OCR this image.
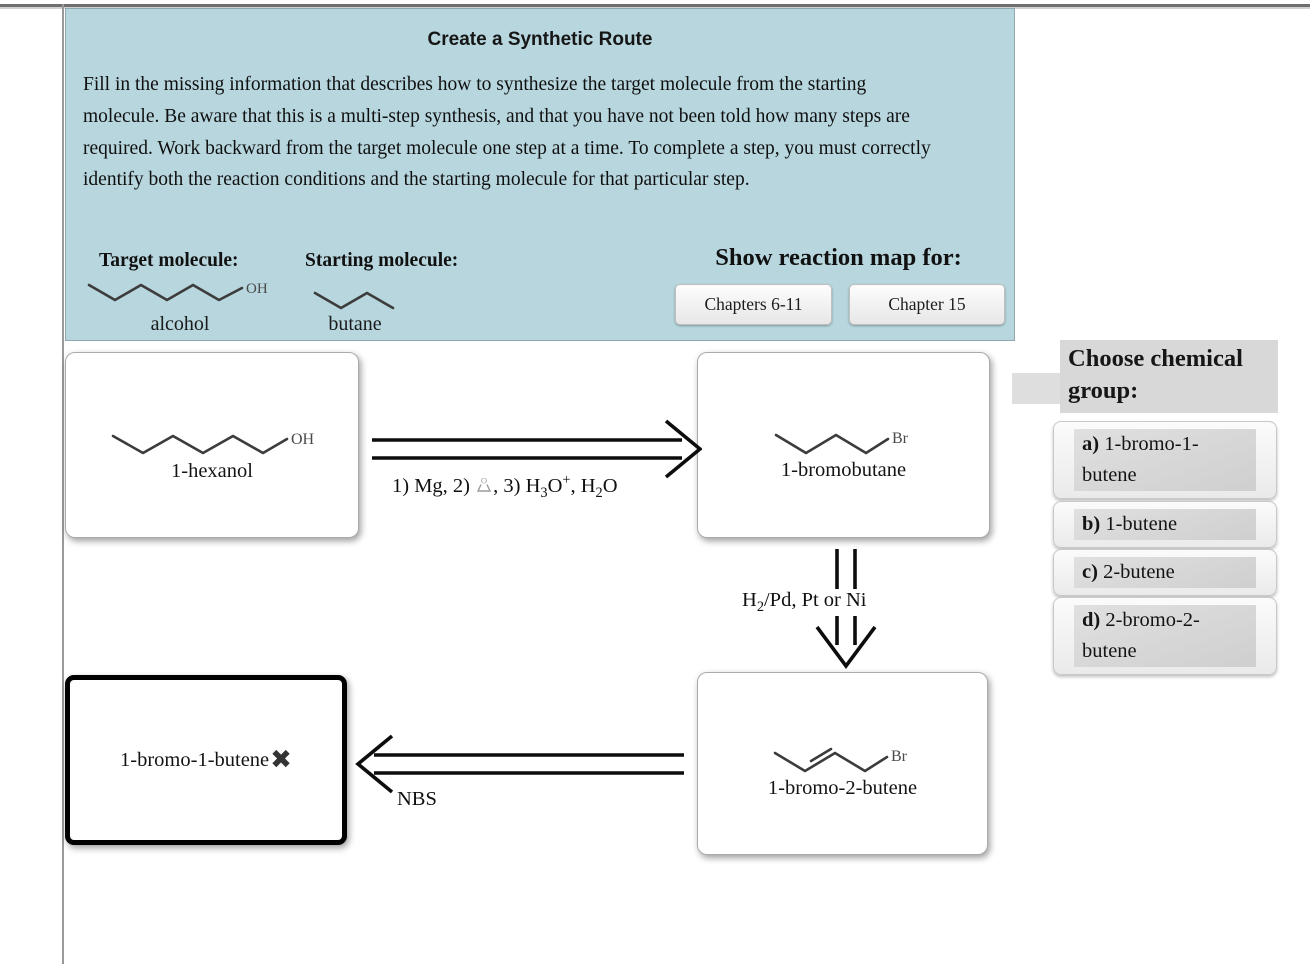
Create a Synthetic Route
Fill in the missing information that describes how to synthesize the target molecule from the starting molecule. Be aware that this is a multi-step synthesis, and that you have not been told how many steps are required. Work backward from the target molecule one step at a time. To complete a step, you must correctly identify both the reaction conditions and the starting molecule for that particular step.
Target molecule:	Starting molecule:
OH
alcohol	butane
Show reaction map for:
Chapters 6-11	Chapter 15
OH
1-hexanol
Br
1-bromobutane
Br
1-bromo-2-butene
1-bromo-1-butene ✖
1) Mg, 2) O , 3) $H_3O^+$, $H_2O$
$H_2/Pd$, Pt or Ni
NBS
Choose chemical group:
a) 1-bromo-1-butene
b) 1-butene
c) 2-butene
d) 2-bromo-2-butene
